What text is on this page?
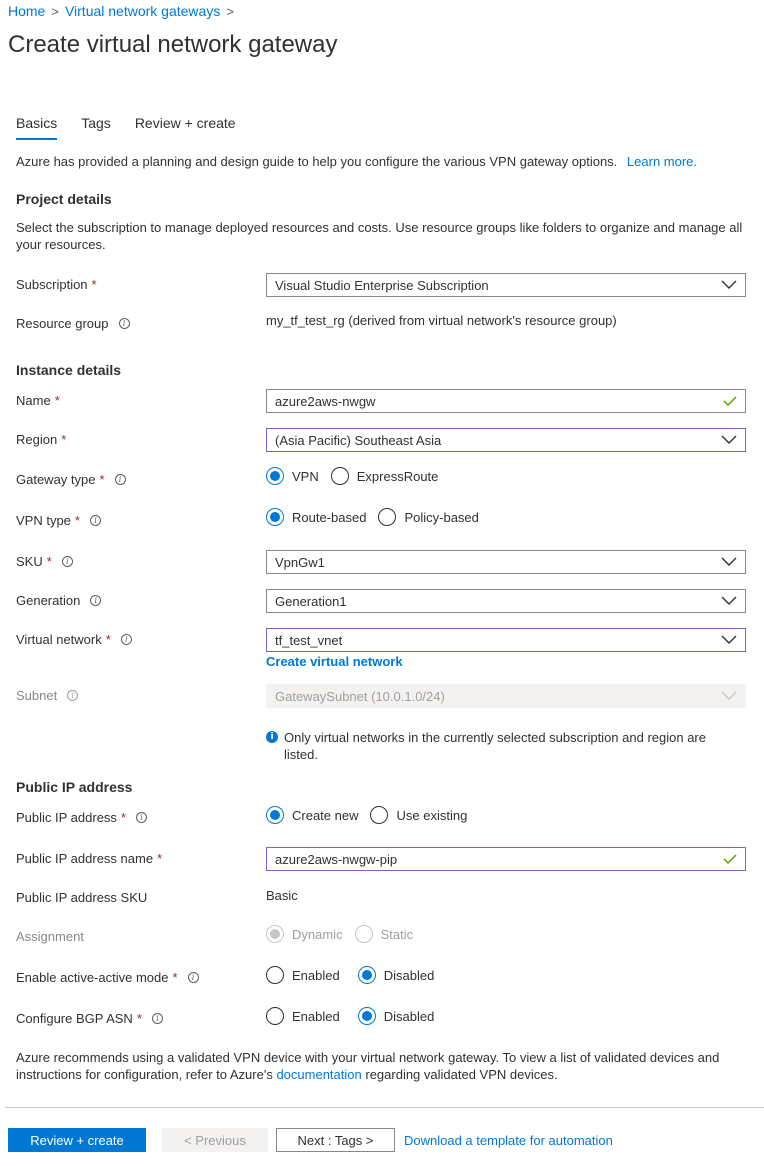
Home > Virtual network gateways >
Create virtual network gateway
Basics Tags Review + create
Azure has provided a planning and design guide to help you configure the various VPN gateway options. Learn more.
Project details
Select the subscription to manage deployed resources and costs. Use resource groups like folders to organize and manage all your resources.
Subscription *	Visual Studio Enterprise Subscription
Resource group	i	my_tf_test_rg (derived from virtual network's resource group)
Instance details
Name *	azure2aws-nwgw
Region *	(Asia Pacific) Southeast Asia
Gateway type *	i	VPN	ExpressRoute
VPN type *	i	Route-based	Policy-based
SKU *	i	VpnGw1
Generation	i	Generation1
Virtual network *	i	tf_test_vnet
Create virtual network
Subnet	i	GatewaySubnet (10.0.1.0/24)
i Only virtual networks in the currently selected subscription and region are listed.
Public IP address
Public IP address *	i	Create new	Use existing
Public IP address name *	azure2aws-nwgw-pip
Public IP address SKU	Basic
Assignment	Dynamic	Static
Enable active-active mode *	i	Enabled	Disabled
Configure BGP ASN *	i	Enabled	Disabled
Azure recommends using a validated VPN device with your virtual network gateway. To view a list of validated devices and instructions for configuration, refer to Azure's documentation regarding validated VPN devices.
Review + create	< Previous	Next : Tags >	Download a template for automation
